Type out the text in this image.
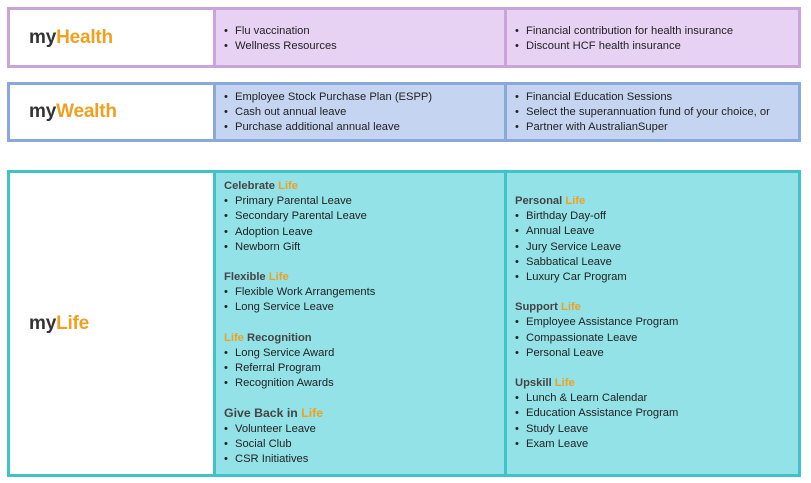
myHealth
•	Flu vaccination
• Wellness Resources
• Financial contribution for health insurance
• Discount HCF health insurance
myWealth
• Employee Stock Purchase Plan (ESPP)
• Cash out annual leave
• Purchase additional annual leave
• Financial Education Sessions
• Select the superannuation fund of your choice, or
• Partner with AustralianSuper
myLife
Celebrate Life
• Primary Parental Leave
• Secondary Parental Leave
• Adoption Leave
• Newborn Gift
Flexible Life
• Flexible Work Arrangements
• Long Service Leave
Life Recognition
• Long Service Award
• Referral Program
• Recognition Awards
Give Back in Life
• Volunteer Leave
• Social Club
• CSR Initiatives
Personal Life
• Birthday Day-off
• Annual Leave
• Jury Service Leave
• Sabbatical Leave
• Luxury Car Program
Support Life
• Employee Assistance Program
• Compassionate Leave
• Personal Leave
Upskill Life
• Lunch & Learn Calendar
• Education Assistance Program
• Study Leave
• Exam Leave
